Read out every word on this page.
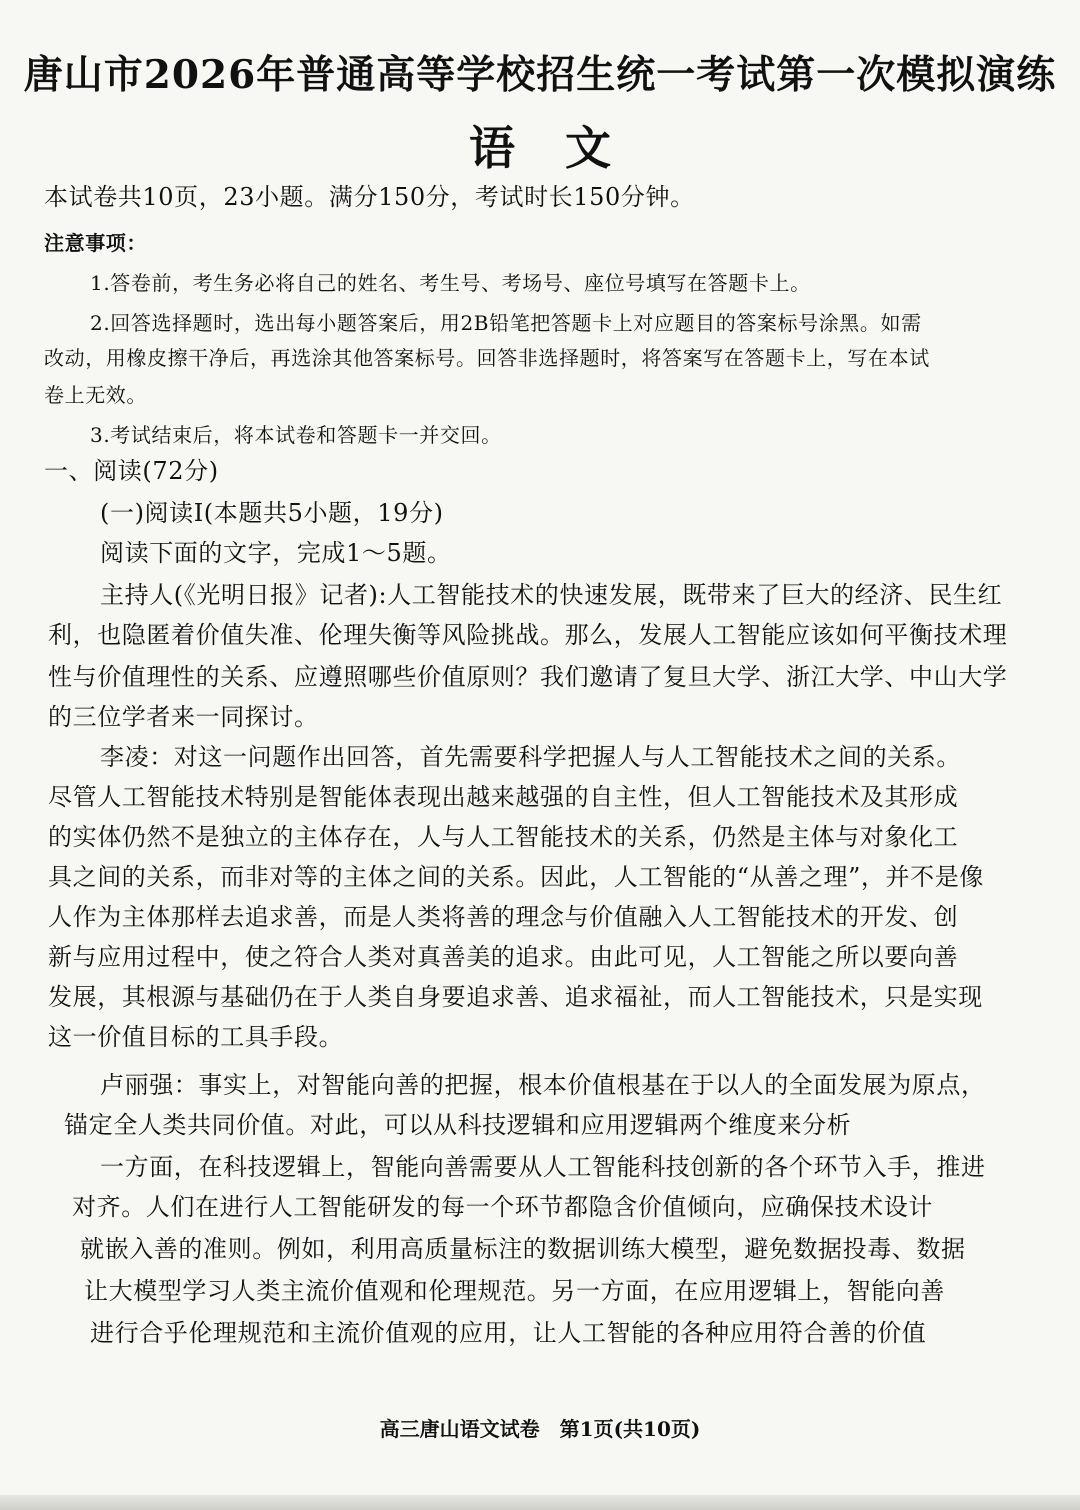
唐山市2026年普通高等学校招生统一考试第一次模拟演练
语文
本试卷共10页，23小题。满分150分，考试时长150分钟。
注意事项：
1.答卷前，考生务必将自己的姓名、考生号、考场号、座位号填写在答题卡上。
2.回答选择题时，选出每小题答案后，用2B铅笔把答题卡上对应题目的答案标号涂黑。如需
改动，用橡皮擦干净后，再选涂其他答案标号。回答非选择题时，将答案写在答题卡上，写在本试
卷上无效。
3.考试结束后，将本试卷和答题卡一并交回。
一、阅读(72分)
(一)阅读Ⅰ(本题共5小题，19分)
阅读下面的文字，完成1～5题。
主持人(《光明日报》记者):人工智能技术的快速发展，既带来了巨大的经济、民生红
利，也隐匿着价值失准、伦理失衡等风险挑战。那么，发展人工智能应该如何平衡技术理
性与价值理性的关系、应遵照哪些价值原则？我们邀请了复旦大学、浙江大学、中山大学
的三位学者来一同探讨。
李凌：对这一问题作出回答，首先需要科学把握人与人工智能技术之间的关系。
尽管人工智能技术特别是智能体表现出越来越强的自主性，但人工智能技术及其形成
的实体仍然不是独立的主体存在，人与人工智能技术的关系，仍然是主体与对象化工
具之间的关系，而非对等的主体之间的关系。因此，人工智能的“从善之理”，并不是像
人作为主体那样去追求善，而是人类将善的理念与价值融入人工智能技术的开发、创
新与应用过程中，使之符合人类对真善美的追求。由此可见，人工智能之所以要向善
发展，其根源与基础仍在于人类自身要追求善、追求福祉，而人工智能技术，只是实现
这一价值目标的工具手段。
卢丽强：事实上，对智能向善的把握，根本价值根基在于以人的全面发展为原点，
锚定全人类共同价值。对此，可以从科技逻辑和应用逻辑两个维度来分析
一方面，在科技逻辑上，智能向善需要从人工智能科技创新的各个环节入手，推进
对齐。人们在进行人工智能研发的每一个环节都隐含价值倾向，应确保技术设计
就嵌入善的准则。例如，利用高质量标注的数据训练大模型，避免数据投毒、数据
让大模型学习人类主流价值观和伦理规范。另一方面，在应用逻辑上，智能向善
进行合乎伦理规范和主流价值观的应用，让人工智能的各种应用符合善的价值
高三唐山语文试卷　第1页(共10页)
